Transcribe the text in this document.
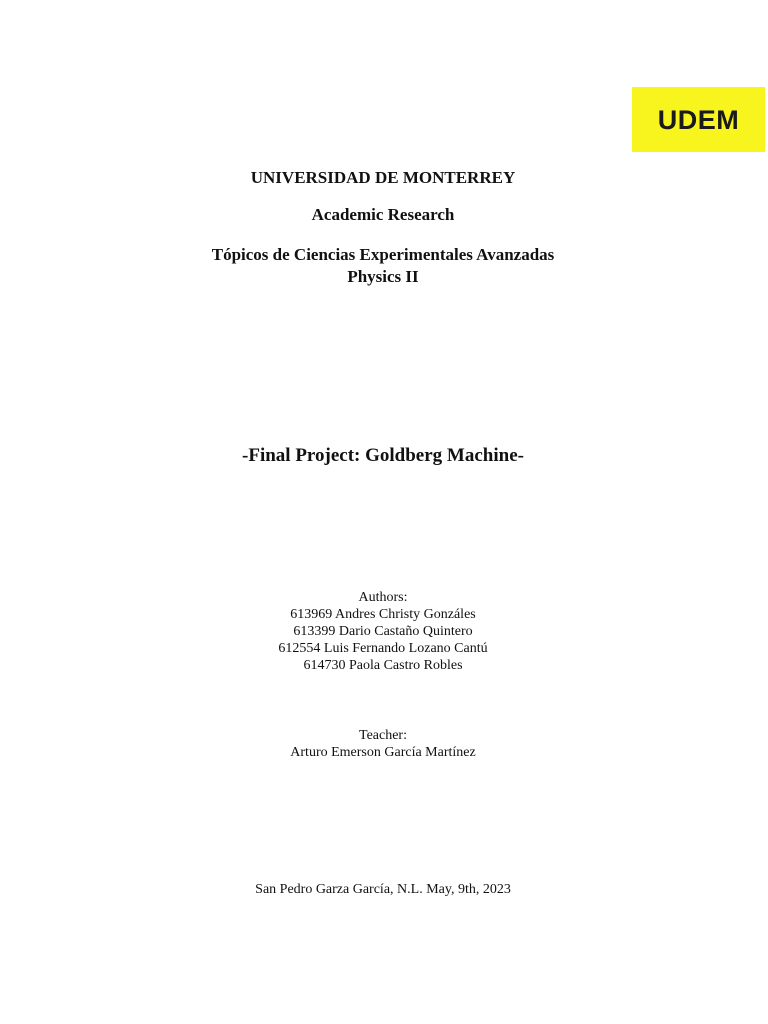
UDEM
UNIVERSIDAD DE MONTERREY
Academic Research
Tópicos de Ciencias Experimentales Avanzadas
Physics II
-Final Project: Goldberg Machine-
Authors:
613969 Andres Christy Gonzáles
613399 Dario Castaño Quintero
612554 Luis Fernando Lozano Cantú
614730 Paola Castro Robles
Teacher:
Arturo Emerson García Martínez
San Pedro Garza García, N.L. May, 9th, 2023
